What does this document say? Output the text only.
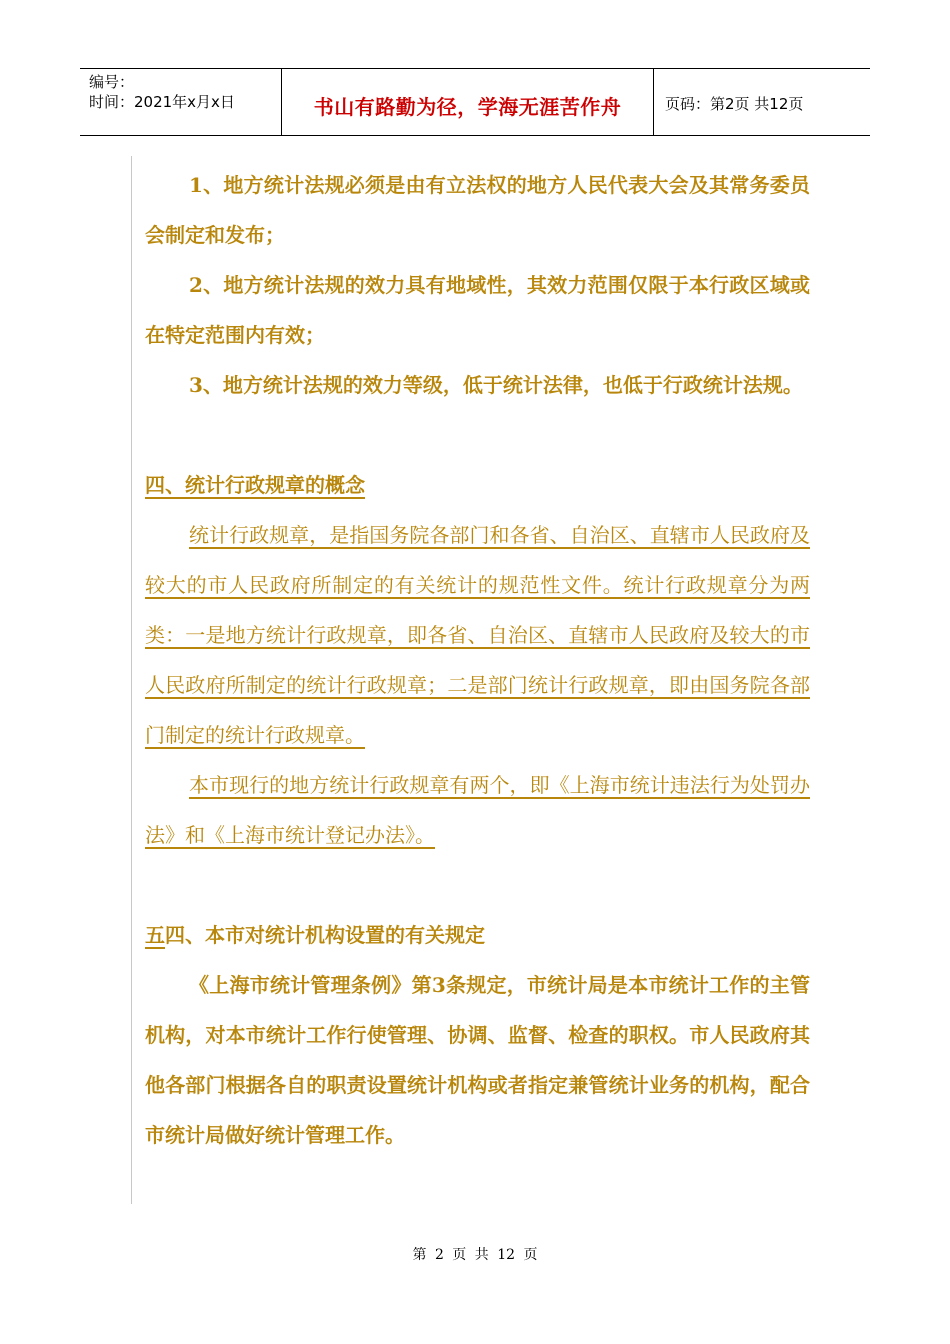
编号：
时间：2021年x月x日	书山有路勤为径，学海无涯苦作舟	页码：第2页 共12页

1、地方统计法规必须是由有立法权的地方人民代表大会及其常务委员会制定和发布；

2、地方统计法规的效力具有地域性，其效力范围仅限于本行政区域或在特定范围内有效；

3、地方统计法规的效力等级，低于统计法律，也低于行政统计法规。

四、统计行政规章的概念

统计行政规章，是指国务院各部门和各省、自治区、直辖市人民政府及较大的市人民政府所制定的有关统计的规范性文件。统计行政规章分为两类：一是地方统计行政规章，即各省、自治区、直辖市人民政府及较大的市人民政府所制定的统计行政规章；二是部门统计行政规章，即由国务院各部门制定的统计行政规章。

本市现行的地方统计行政规章有两个，即《上海市统计违法行为处罚办法》和《上海市统计登记办法》。

五四、本市对统计机构设置的有关规定

《上海市统计管理条例》第3条规定，市统计局是本市统计工作的主管机构，对本市统计工作行使管理、协调、监督、检查的职权。市人民政府其他各部门根据各自的职责设置统计机构或者指定兼管统计业务的机构，配合市统计局做好统计管理工作。

第 2 页 共 12 页
